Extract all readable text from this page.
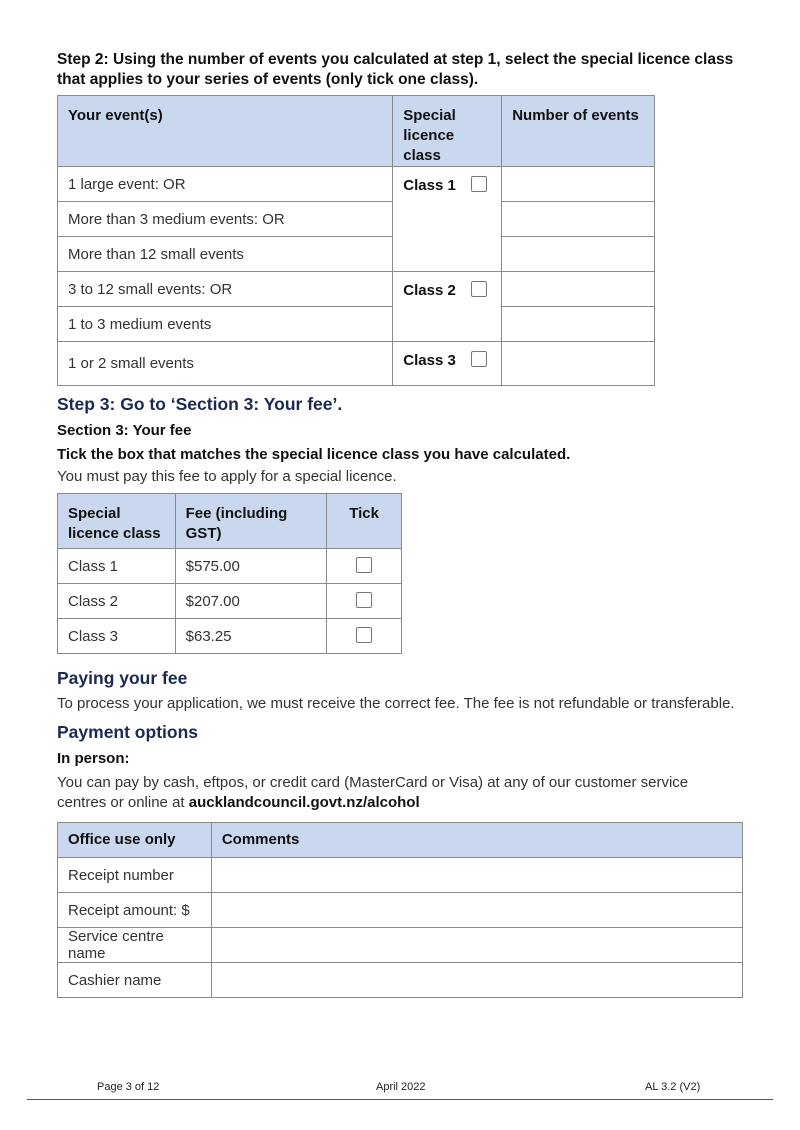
Step 2: Using the number of events you calculated at step 1, select the special licence class that applies to your series of events (only tick one class).

Your event(s)	Special licence class	Number of events
1 large event: OR	Class 1	
More than 3 medium events: OR		
More than 12 small events		
3 to 12 small events: OR	Class 2	
1 to 3 medium events		
1 or 2 small events	Class 3	
Step 3: Go to ‘Section 3: Your fee’.
Section 3: Your fee
Tick the box that matches the special licence class you have calculated.

You must pay this fee to apply for a special licence.

Special licence class	Fee (including GST)	Tick
Class 1	$575.00	
Class 2	$207.00	
Class 3	$63.25	
Paying your fee

To process your application, we must receive the correct fee. The fee is not refundable or transferable.

Payment options
In person:

You can pay by cash, eftpos, or credit card (MasterCard or Visa) at any of our customer service centres or online at aucklandcouncil.govt.nz/alcohol

Office use only	Comments
Receipt number	
Receipt amount: $	
Service centre name	
Cashier name	
Page 3 of 12	April 2022	AL 3.2 (V2)
